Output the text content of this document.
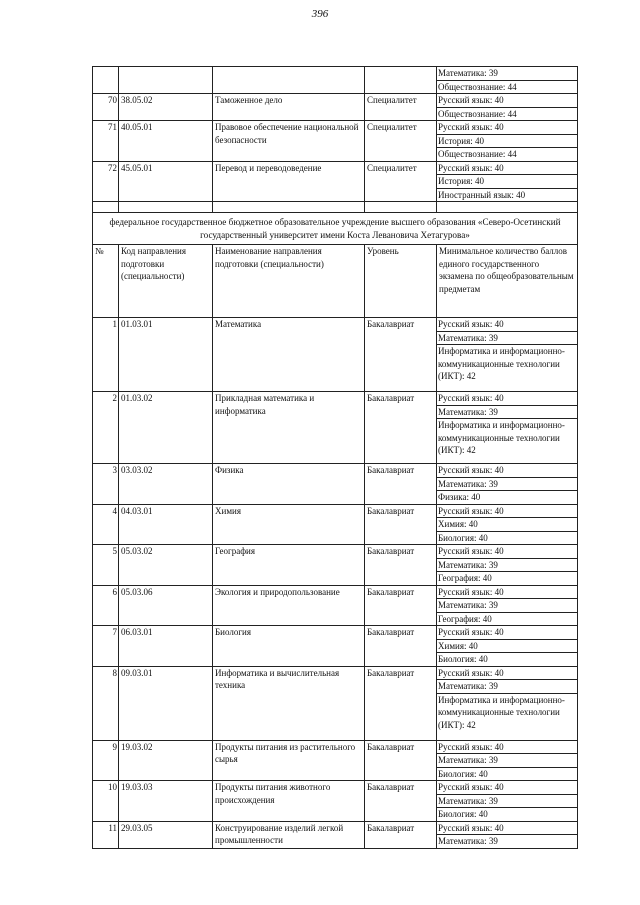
396

				Математика: 39
Обществознание: 44

70	38.05.02	Таможенное дело	Специалитет	Русский язык: 40
Обществознание: 44

71	40.05.01	Правовое обеспечение национальной безопасности	Специалитет	Русский язык: 40
История: 40
Обществознание: 44

72	45.05.01	Перевод и переводоведение	Специалитет	Русский язык: 40
История: 40
Иностранный язык: 40

федеральное государственное бюджетное образовательное учреждение высшего образования «Северо-Осетинский государственный университет имени Коста Левановича Хетагурова»				
№	Код направления подготовки (специальности)	Наименование направления подготовки (специальности)	Уровень	Минимальное количество баллов единого государственного экзамена по общеобразовательным предметам
1	01.03.01	Математика	Бакалавриат	Русский язык: 40
Математика: 39
Информатика и информационно-коммуникационные технологии (ИКТ): 42

2	01.03.02	Прикладная математика и информатика	Бакалавриат	Русский язык: 40
Математика: 39
Информатика и информационно-коммуникационные технологии (ИКТ): 42

3	03.03.02	Физика	Бакалавриат	Русский язык: 40
Математика: 39
Физика: 40

4	04.03.01	Химия	Бакалавриат	Русский язык: 40
Химия: 40
Биология: 40

5	05.03.02	География	Бакалавриат	Русский язык: 40
Математика: 39
География: 40

6	05.03.06	Экология и природопользование	Бакалавриат	Русский язык: 40
Математика: 39
География: 40

7	06.03.01	Биология	Бакалавриат	Русский язык: 40
Химия: 40
Биология: 40

8	09.03.01	Информатика и вычислительная техника	Бакалавриат	Русский язык: 40
Математика: 39
Информатика и информационно-коммуникационные технологии (ИКТ): 42

9	19.03.02	Продукты питания из растительного сырья	Бакалавриат	Русский язык: 40
Математика: 39
Биология: 40

10	19.03.03	Продукты питания животного происхождения	Бакалавриат	Русский язык: 40
Математика: 39
Биология: 40

11	29.03.05	Конструирование изделий легкой промышленности	Бакалавриат	Русский язык: 40
Математика: 39
